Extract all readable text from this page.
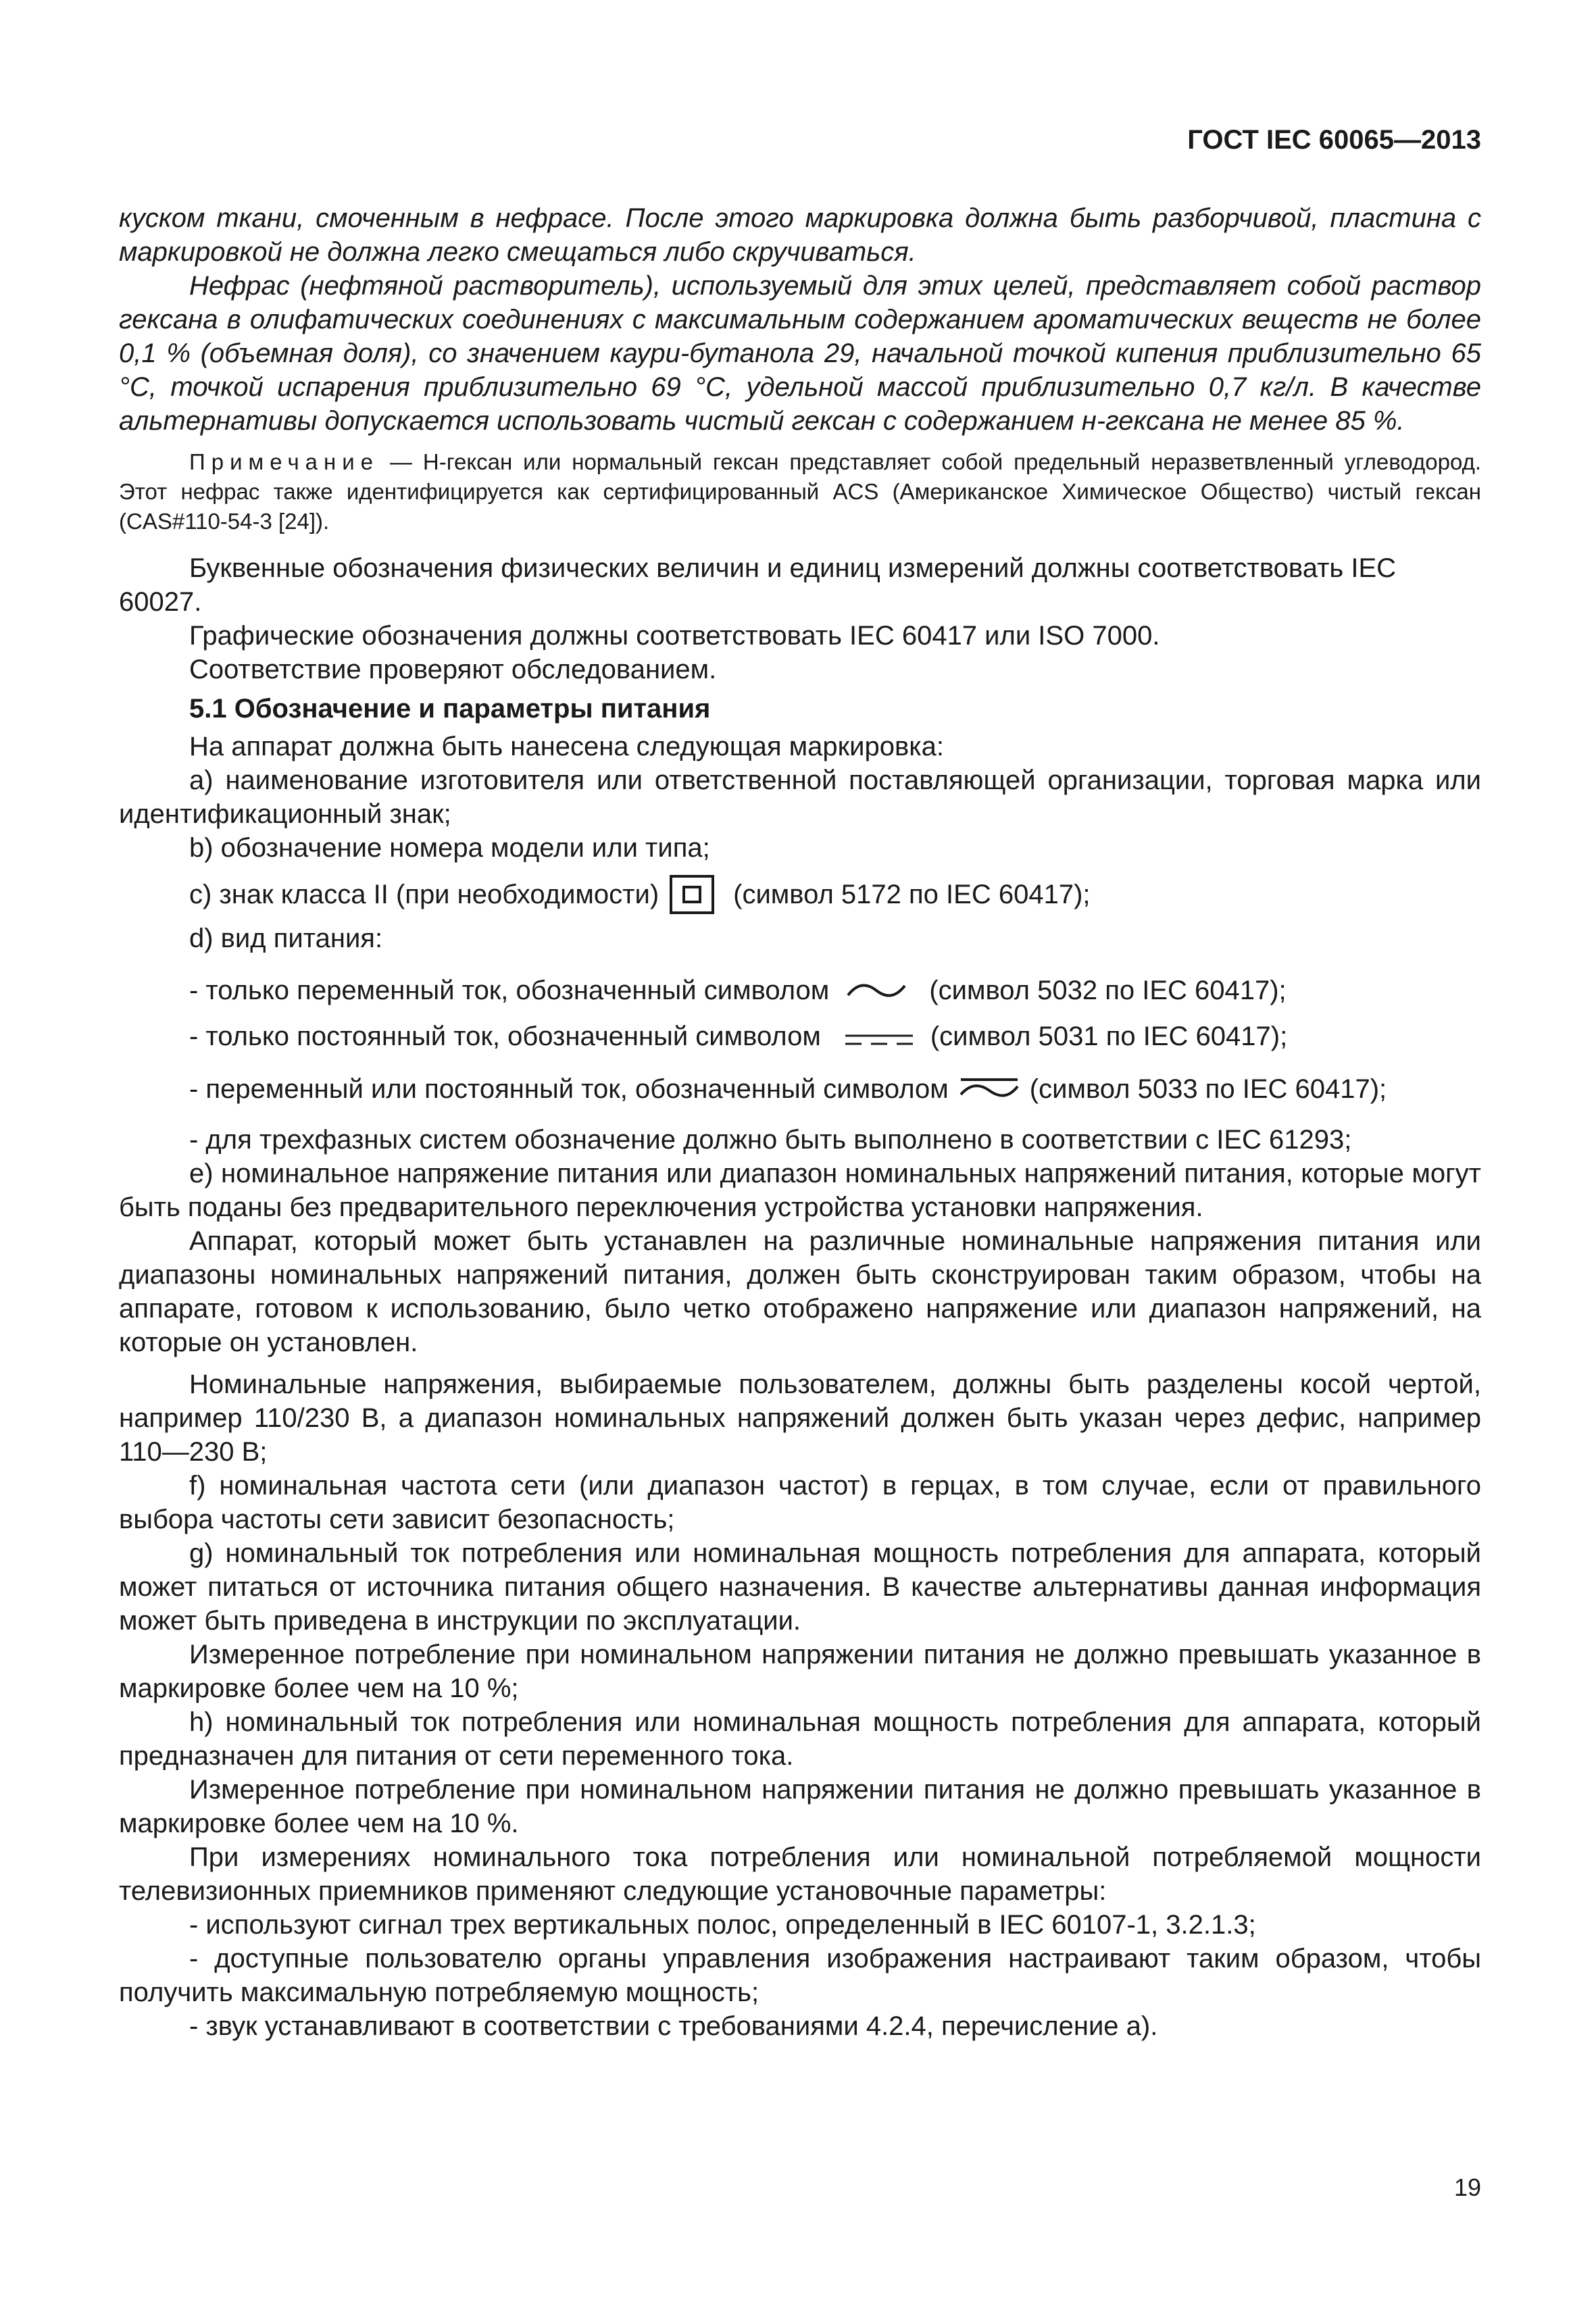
ГОСТ IEC 60065—2013

куском ткани, смоченным в нефрасе. После этого маркировка должна быть разборчивой, пластина с маркировкой не должна легко смещаться либо скручиваться.

Нефрас (нефтяной растворитель), используемый для этих целей, представляет собой раствор гексана в олифатических соединениях с максимальным содержанием ароматических веществ не более 0,1 % (объемная доля), со значением каури-бутанола 29, начальной точкой кипения приблизительно 65 °С, точкой испарения приблизительно 69 °С, удельной массой приблизительно 0,7 кг/л. В качестве альтернативы допускается использовать чистый гексан с содержанием н-гексана не менее 85 %.

Примечание — Н-гексан или нормальный гексан представляет собой предельный неразветвленный углеводород. Этот нефрас также идентифицируется как сертифицированный ACS (Американское Химическое Общество) чистый гексан (CAS#110-54-3 [24]).

Буквенные обозначения физических величин и единиц измерений должны соответствовать IEC 60027.

Графические обозначения должны соответствовать IEC 60417 или ISO 7000.

Соответствие проверяют обследованием.

5.1 Обозначение и параметры питания

На аппарат должна быть нанесена следующая маркировка:

а) наименование изготовителя или ответственной поставляющей организации, торговая марка или идентификационный знак;

b) обозначение номера модели или типа;

с) знак класса II (при необходимости)	(символ 5172 по IEC 60417);

d) вид питания:

- только переменный ток, обозначенный символом	(символ 5032 по IEC 60417);
- только постоянный ток, обозначенный символом	(символ 5031 по IEC 60417);
- переменный или постоянный ток, обозначенный символом	(символ 5033 по IEC 60417);

- для трехфазных систем обозначение должно быть выполнено в соответствии с IEC 61293;

е) номинальное напряжение питания или диапазон номинальных напряжений питания, которые могут быть поданы без предварительного переключения устройства установки напряжения.

Аппарат, который может быть устанавлен на различные номинальные напряжения питания или диапазоны номинальных напряжений питания, должен быть сконструирован таким образом, чтобы на аппарате, готовом к использованию, было четко отображено напряжение или диапазон напряжений, на которые он установлен.

Номинальные напряжения, выбираемые пользователем, должны быть разделены косой чертой, например 110/230 В, а диапазон номинальных напряжений должен быть указан через дефис, например 110—230 В;

f) номинальная частота сети (или диапазон частот) в герцах, в том случае, если от правильного выбора частоты сети зависит безопасность;

g) номинальный ток потребления или номинальная мощность потребления для аппарата, который может питаться от источника питания общего назначения. В качестве альтернативы данная информация может быть приведена в инструкции по эксплуатации.

Измеренное потребление при номинальном напряжении питания не должно превышать указанное в маркировке более чем на 10 %;

h) номинальный ток потребления или номинальная мощность потребления для аппарата, который предназначен для питания от сети переменного тока.

Измеренное потребление при номинальном напряжении питания не должно превышать указанное в маркировке более чем на 10 %.

При измерениях номинального тока потребления или номинальной потребляемой мощности телевизионных приемников применяют следующие установочные параметры:

- используют сигнал трех вертикальных полос, определенный в IEC 60107-1, 3.2.1.3;

- доступные пользователю органы управления изображения настраивают таким образом, чтобы получить максимальную потребляемую мощность;

- звук устанавливают в соответствии с требованиями 4.2.4, перечисление а).

19
